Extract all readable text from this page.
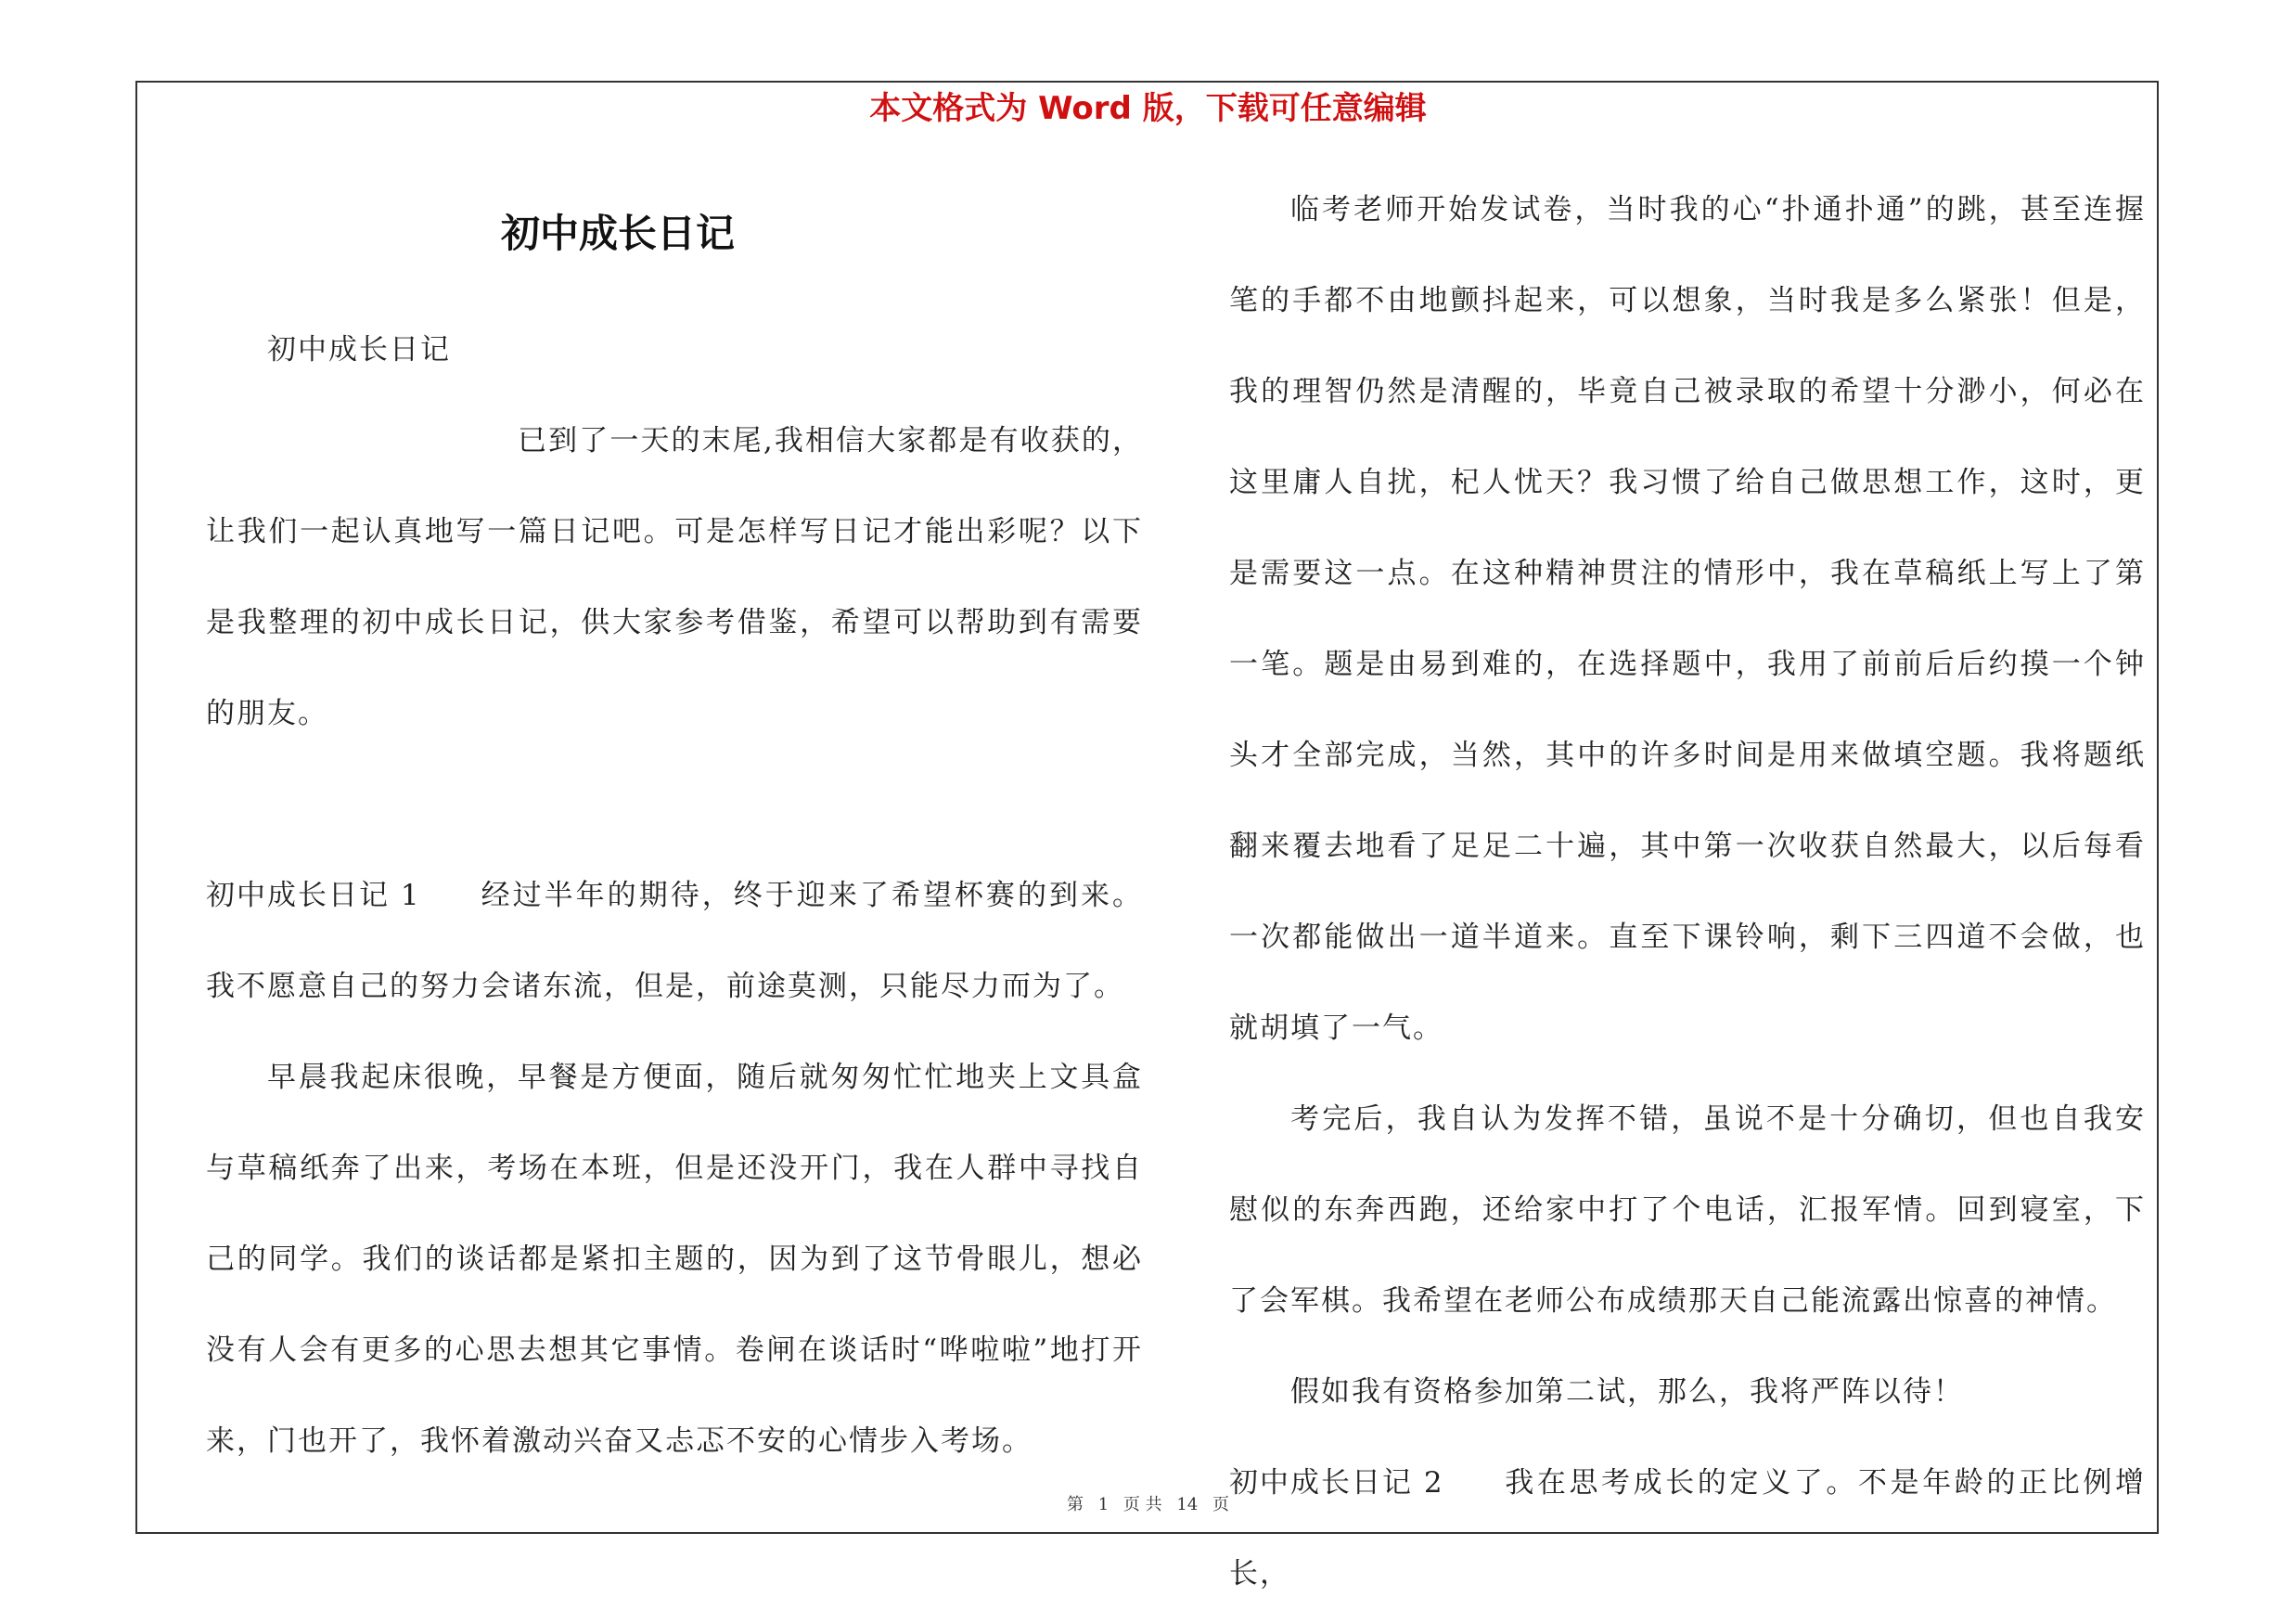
本文格式为 Word 版，下载可任意编辑
初中成长日记

初中成长日记

已到了一天的末尾,我相信大家都是有收获的，让我们一起认真地写一篇日记吧。可是怎样写日记才能出彩呢？以下是我整理的初中成长日记，供大家参考借鉴，希望可以帮助到有需要的朋友。

初中成长日记 1 经过半年的期待，终于迎来了希望杯赛的到来。我不愿意自己的努力会诸东流，但是，前途莫测，只能尽力而为了。

早晨我起床很晚，早餐是方便面，随后就匆匆忙忙地夹上文具盒与草稿纸奔了出来，考场在本班，但是还没开门，我在人群中寻找自己的同学。我们的谈话都是紧扣主题的，因为到了这节骨眼儿，想必没有人会有更多的心思去想其它事情。卷闸在谈话时“哗啦啦”地打开来，门也开了，我怀着激动兴奋又忐忑不安的心情步入考场。

临考老师开始发试卷，当时我的心“扑通扑通”的跳，甚至连握笔的手都不由地颤抖起来，可以想象，当时我是多么紧张！但是，我的理智仍然是清醒的，毕竟自己被录取的希望十分渺小，何必在这里庸人自扰，杞人忧天？我习惯了给自己做思想工作，这时，更是需要这一点。在这种精神贯注的情形中，我在草稿纸上写上了第一笔。题是由易到难的，在选择题中，我用了前前后后约摸一个钟头才全部完成，当然，其中的许多时间是用来做填空题。我将题纸翻来覆去地看了足足二十遍，其中第一次收获自然最大，以后每看一次都能做出一道半道来。直至下课铃响，剩下三四道不会做，也就胡填了一气。

考完后，我自认为发挥不错，虽说不是十分确切，但也自我安慰似的东奔西跑，还给家中打了个电话，汇报军情。回到寝室，下了会军棋。我希望在老师公布成绩那天自己能流露出惊喜的神情。

假如我有资格参加第二试，那么，我将严阵以待！

初中成长日记 2 我在思考成长的定义了。不是年龄的正比例增长，

第 1 页 共 14 页
